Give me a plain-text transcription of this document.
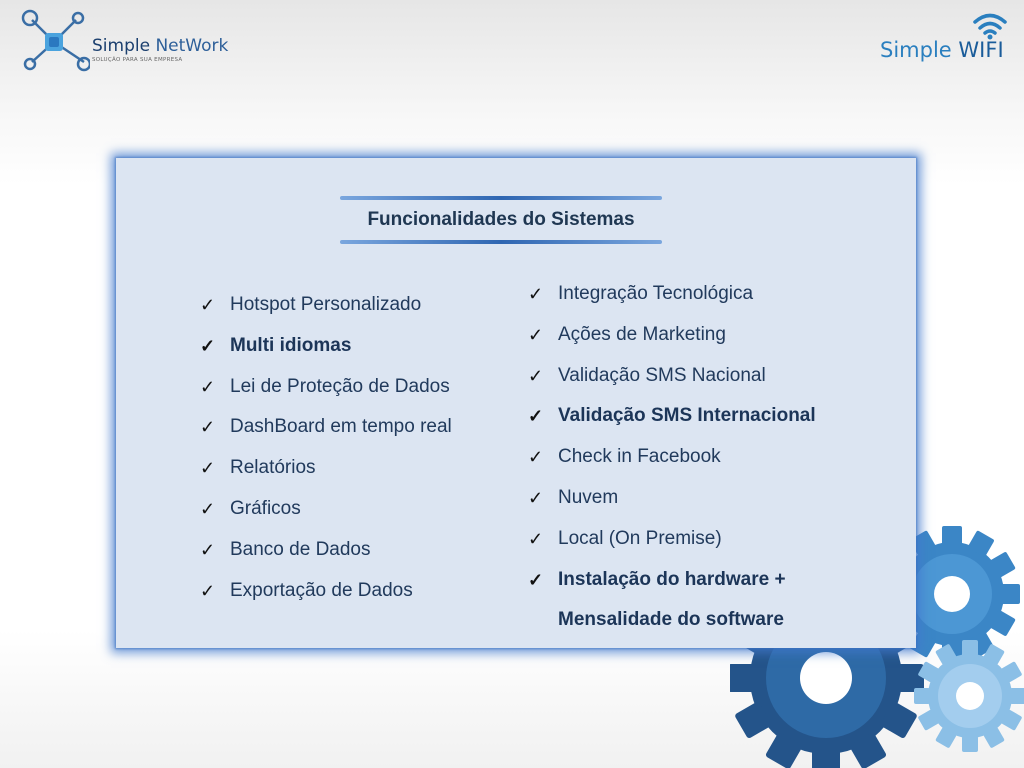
Simple NetWork
SOLUÇÃO PARA SUA EMPRESA	Simple WIFI
Funcionalidades do Sistemas
✓ Hotspot Personalizado
✓ Multi idiomas
✓ Lei de Proteção de Dados
✓ DashBoard em tempo real
✓ Relatórios
✓ Gráficos
✓ Banco de Dados
✓ Exportação de Dados
✓ Integração Tecnológica
✓ Ações de Marketing
✓ Validação SMS Nacional
✓ Validação SMS Internacional
✓ Check in Facebook
✓ Nuvem
✓ Local (On Premise)
✓ Instalação do hardware +
Mensalidade do software
